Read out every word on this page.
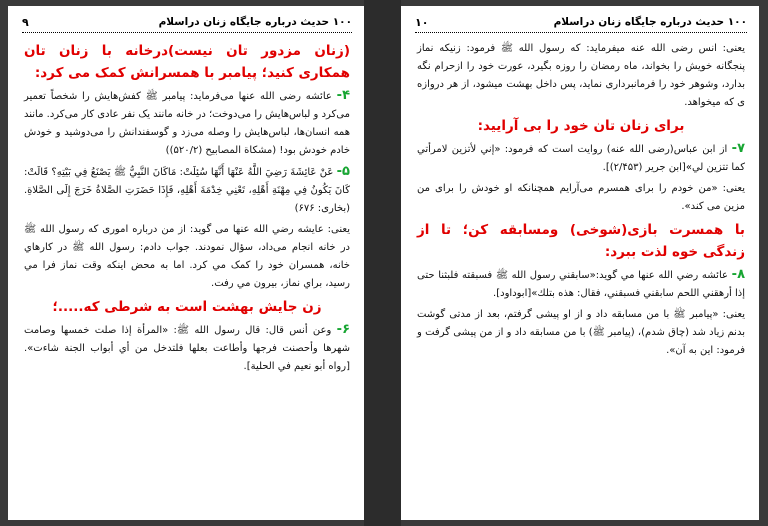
۹	۱۰۰ حدیث درباره جایگاه زنان دراسلام

(زنان مزدور تان نیست)درخانه با زنان تان همکاری کنید؛ پیامبر با همسرانش کمک می کرد:

۴- عائشه رضی الله عنها می‌فرماید: پیامبر ﷺ کفش‌هایش را شخصاً تعمیر می‌کرد و لباس‌هایش را می‌دوخت؛ در خانه مانند یک نفر عادی کار می‌کرد. مانند همه انسان‌ها، لباس‌هایش را وصله می‌زد و گوسفندانش را می‌دوشید و خودش خادم خودش بود! (مشکاة المصابیح (۵۲۰/۲))

۵- عَنْ عَائِشَةَ رَضِيَ اللَّهُ عَنْهَا أَنَّهَا سُئِلَتْ: مَاكَانَ النَّبِيُّ ﷺ يَصْنَعُ فِي بَيْتِهِ؟ قَالَتْ: كَانَ يَكُونُ فِي مِهْنَةِ أَهْلِهِ، تَعْنِي خِدْمَةَ أَهْلِهِ، فَإِذَا حَضَرَتِ الصَّلاةُ خَرَجَ إِلَى الصَّلاةِ. (بخارى: ۶۷۶)

یعنی: عایشه رضي الله عنها می گوید: از من درباره اموری که رسول الله ﷺ در خانه انجام می‌داد، سؤال نمودند. جواب دادم: رسول الله ﷺ در کارهاي خانه، همسران خود را کمک مي كرد. اما به محض اینکه وقت نماز فرا مي رسيد، براي نماز، بيرون مي رفت.

زن جایش بهشت است به شرطی که.....؛

۶- وعن أنس قال: قال رسول الله ﷺ: «المرأة إذا صلت خمسها وصامت شهرها وأحصنت فرجها وأطاعت بعلها فلتدخل من أي أبواب الجنة شاءت». [رواه أبو نعيم في الحلية].

۱۰	۱۰۰ حدیث درباره جایگاه زنان دراسلام

یعنی: انس رضی الله عنه میفرماید: که رسول الله ﷺ فرمود: زنیکه نماز پنجگانه خویش را بخواند، ماه رمضان را روزه بگیرد، عورت خود را ازحرام نگه بدارد، وشوهر خود را فرمانبرداری نماید، پس داخل بهشت میشود، از هر دروازه ی که میخواهد.

برای زنان تان خود را بی آرایید:

۷- از ابن عباس(رضی الله عنه) روایت است که فرمود: «إني لأتزين لامرأتي كما تتزين لي»[ابن جرير (۲/۴۵۳)].

یعنی: «من خودم را برای همسرم می‌آرایم همچنانکه او خودش را برای من مزین می کند».

با همسرت بازی(شوخی) ومسابقه کن؛ تا از زندگی خوه لذت ببرد:

۸- عائشه رضي الله عنها مي گويد:«سابقني رسول الله ﷺ فسبقته فلبثنا حتى إذا أرهقني اللحم سابقني فسبقني، فقال: هذه بتلك»[ابوداود].

یعنی: «پیامبر ﷺ با من مسابقه داد و از او پیشی گرفتم، بعد از مدتی گوشت بدنم زیاد شد (چاق شدم)، (پیامبر ﷺ) با من مسابقه داد و از من پیشی گرفت و فرمود: این به آن».
